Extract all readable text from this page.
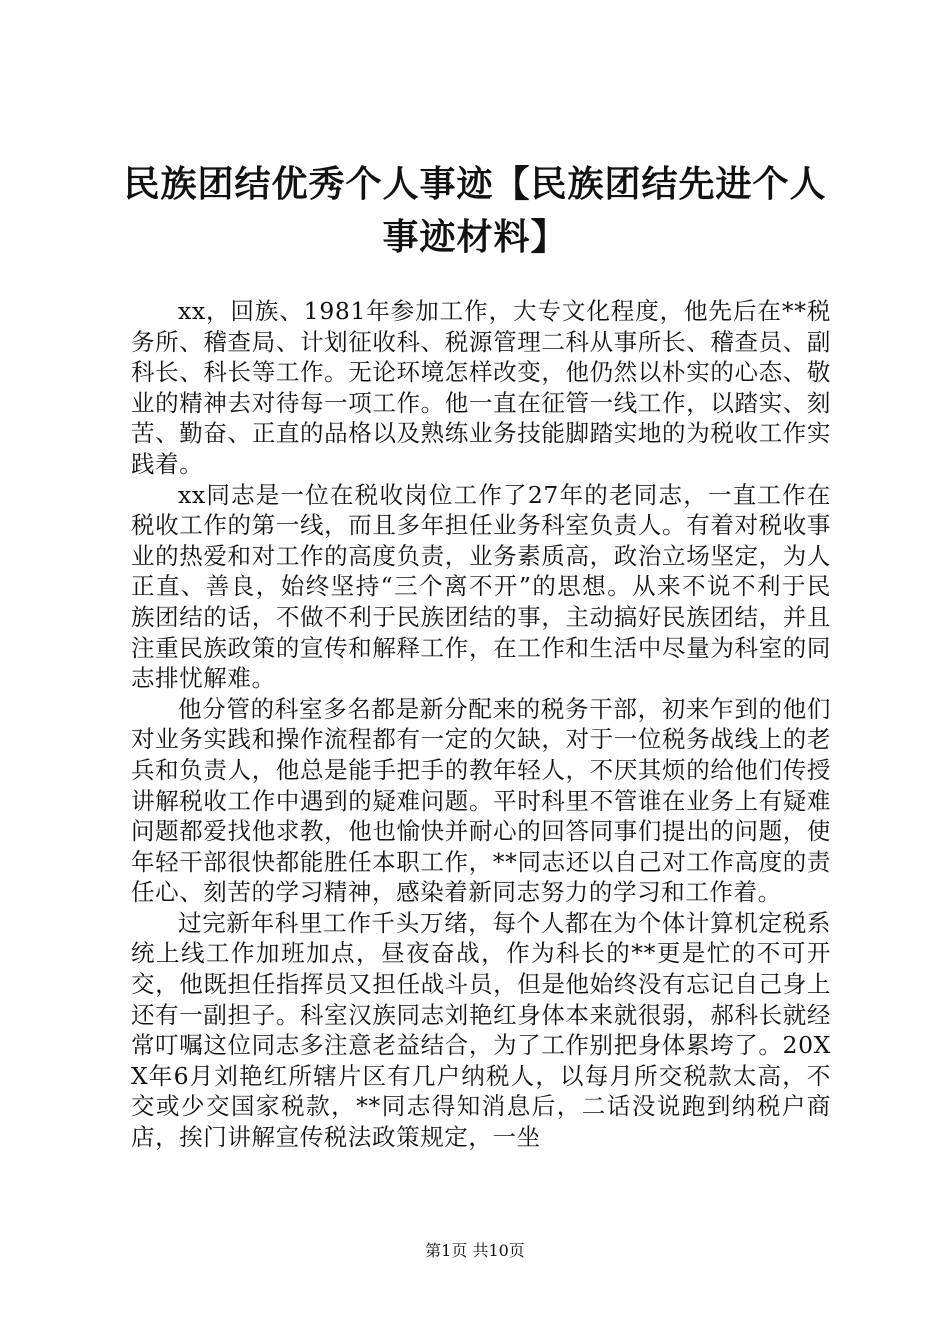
民族团结优秀个人事迹【民族团结先进个人事迹材料】

xx，回族、1981年参加工作，大专文化程度，他先后在**税务所、稽查局、计划征收科、税源管理二科从事所长、稽查员、副科长、科长等工作。无论环境怎样改变，他仍然以朴实的心态、敬业的精神去对待每一项工作。他一直在征管一线工作，以踏实、刻苦、勤奋、正直的品格以及熟练业务技能脚踏实地的为税收工作实践着。

xx同志是一位在税收岗位工作了27年的老同志，一直工作在税收工作的第一线，而且多年担任业务科室负责人。有着对税收事业的热爱和对工作的高度负责，业务素质高，政治立场坚定，为人正直、善良，始终坚持“三个离不开”的思想。从来不说不利于民族团结的话，不做不利于民族团结的事，主动搞好民族团结，并且注重民族政策的宣传和解释工作，在工作和生活中尽量为科室的同志排忧解难。

他分管的科室多名都是新分配来的税务干部，初来乍到的他们对业务实践和操作流程都有一定的欠缺，对于一位税务战线上的老兵和负责人，他总是能手把手的教年轻人，不厌其烦的给他们传授讲解税收工作中遇到的疑难问题。平时科里不管谁在业务上有疑难问题都爱找他求教，他也愉快并耐心的回答同事们提出的问题，使年轻干部很快都能胜任本职工作，**同志还以自己对工作高度的责任心、刻苦的学习精神，感染着新同志努力的学习和工作着。

过完新年科里工作千头万绪，每个人都在为个体计算机定税系统上线工作加班加点，昼夜奋战，作为科长的**更是忙的不可开交，他既担任指挥员又担任战斗员，但是他始终没有忘记自己身上还有一副担子。科室汉族同志刘艳红身体本来就很弱，郝科长就经常叮嘱这位同志多注意老益结合，为了工作别把身体累垮了。20XX年6月刘艳红所辖片区有几户纳税人，以每月所交税款太高，不交或少交国家税款，**同志得知消息后，二话没说跑到纳税户商店，挨门讲解宣传税法政策规定，一坐

第1页 共10页
